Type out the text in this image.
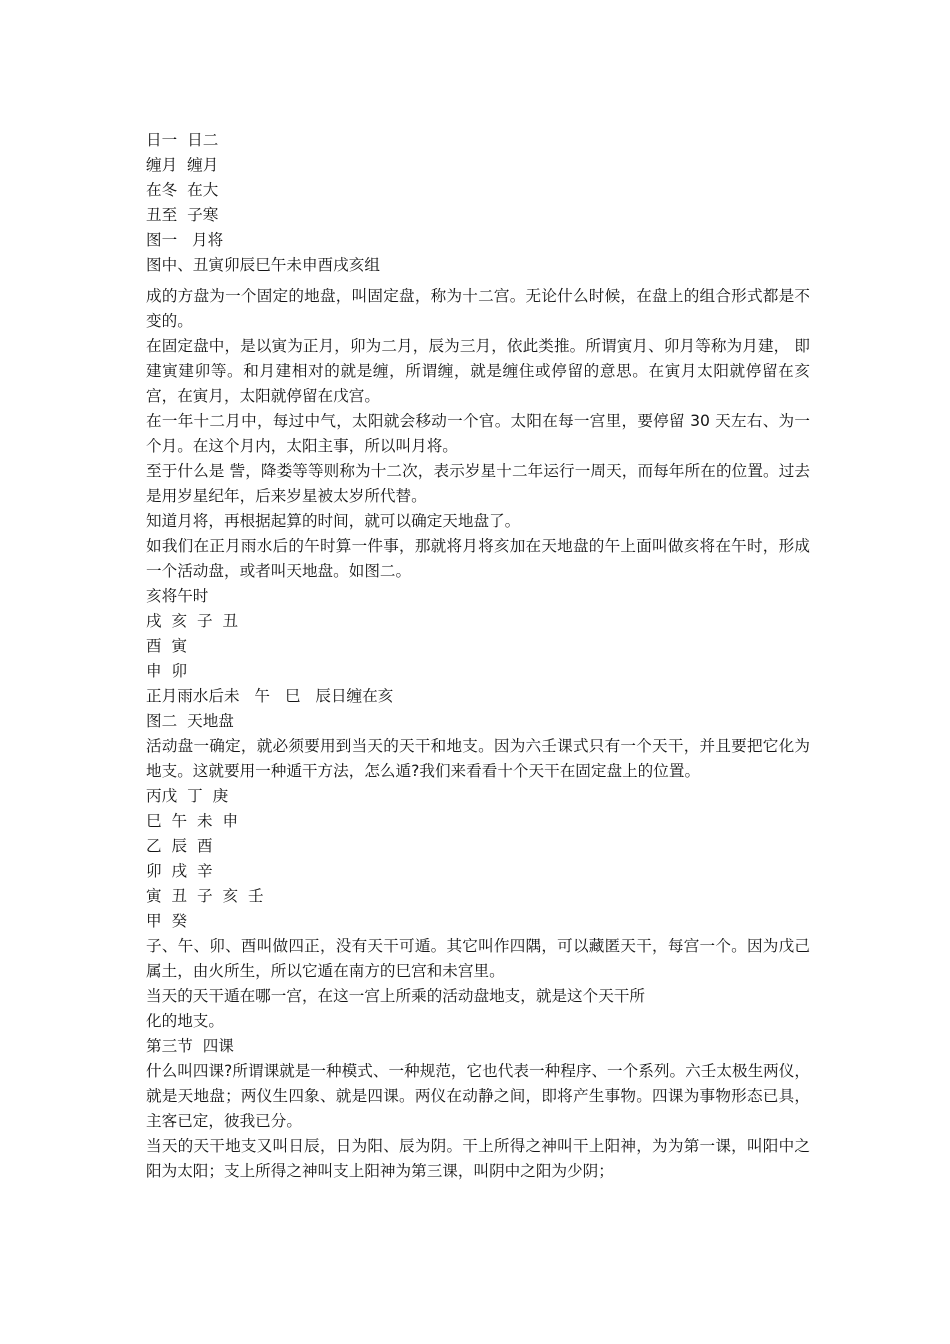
日一  日二
缠月  缠月
在冬  在大
丑至  子寒
图一   月将
图中、丑寅卯辰巳午未申酉戌亥组
成的方盘为一个固定的地盘，叫固定盘，称为十二宫。无论什么时候，在盘上的组合形式都是不变的。
在固定盘中，是以寅为正月，卯为二月，辰为三月，依此类推。所谓寅月、卯月等称为月建， 即建寅建卯等。和月建相对的就是缠，所谓缠，就是缠住或停留的意思。在寅月太阳就停留在亥宫，在寅月，太阳就停留在戊宫。
在一年十二月中，每过中气，太阳就会移动一个官。太阳在每一宫里，要停留 30 天左右、为一个月。在这个月内，太阳主事，所以叫月将。
至于什么是 訾，降娄等等则称为十二次，表示岁星十二年运行一周天，而每年所在的位置。过去是用岁星纪年，后来岁星被太岁所代替。
知道月将，再根据起算的时间，就可以确定天地盘了。
如我们在正月雨水后的午时算一件事，那就将月将亥加在天地盘的午上面叫做亥将在午时，形成一个活动盘，或者叫天地盘。如图二。
亥将午时
戌  亥  子  丑
酉  寅
申  卯
正月雨水后未   午   巳   辰日缠在亥
图二  天地盘
活动盘一确定，就必须要用到当天的天干和地支。因为六壬课式只有一个天干，并且要把它化为地支。这就要用一种遁干方法，怎么遁?我们来看看十个天干在固定盘上的位置。
丙戊  丁  庚
巳  午  未  申
乙  辰  酉
卯  戌  辛
寅  丑  子  亥  壬
甲  癸
子、午、卯、酉叫做四正，没有天干可遁。其它叫作四隅，可以藏匿天干，每宫一个。因为戊己属土，由火所生，所以它遁在南方的巳宫和未宫里。
当天的天干遁在哪一宫，在这一宫上所乘的活动盘地支，就是这个天干所
化的地支。
第三节  四课
什么叫四课?所谓课就是一种模式、一种规范，它也代表一种程序、一个系列。六壬太极生两仪，就是天地盘；两仪生四象、就是四课。两仪在动静之间，即将产生事物。四课为事物形态已具，主客已定，彼我已分。
当天的天干地支又叫日辰，日为阳、辰为阴。干上所得之神叫干上阳神，为为第一课，叫阳中之阳为太阳；支上所得之神叫支上阳神为第三课，叫阴中之阳为少阴；
